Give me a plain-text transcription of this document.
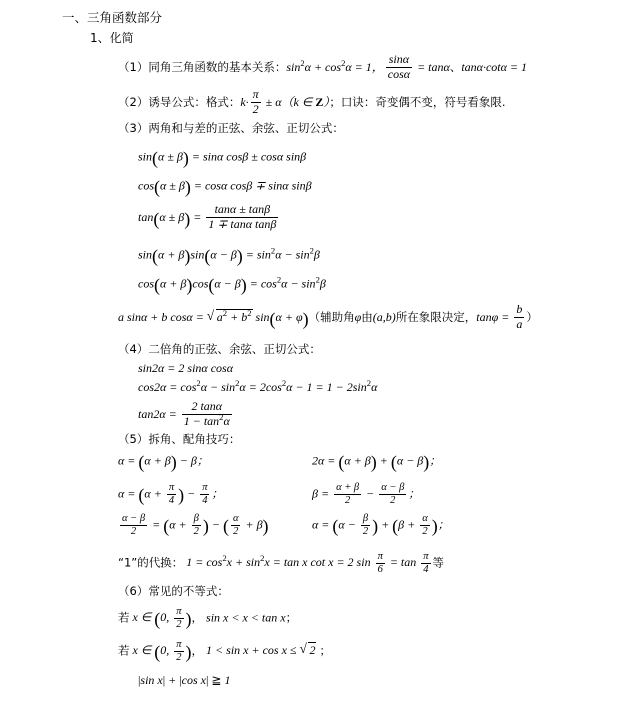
一、三角函数部分
1、化简
（1）同角三角函数的基本关系：$\sin^2\alpha + \cos^2\alpha = 1$， $\frac{\sin\alpha}{\cos\alpha} = \tan\alpha$、tanα·cotα = 1
（2）诱导公式：格式：$k\cdot \frac{\pi}{2} \pm \alpha(k$ ∈ Z）；口诀：奇变偶不变，符号看象限.
（3）两角和与差的正弦、余弦、正切公式：
sin(α ± β) = sinα cosβ ± cosα sinβ
cos(α ± β) = cosα cosβ ∓ sinα sinβ
$\tan(\alpha \pm \beta) = \frac{\tan\alpha \pm \tan\beta}{\text{1 ∓ tanα tanβ}}$
$\sin(\alpha + \beta)\sin(\alpha - \beta) = \sin^2\alpha - \sin^2\beta$
$\cos(\alpha + \beta)\cos(\alpha - \beta) = \cos^2\alpha - \sin^2\beta$
a sinα + b cosα = √ $a^2 + b^2$ sin(α + φ)（辅助角φ由(a,b)所在象限决定，$\tan\varphi = \frac{b}{a}$ ）
（4）二倍角的正弦、余弦、正切公式：
sin2α = 2 sinα cosα
$\cos 2\alpha = \cos^2\alpha - \sin^2\alpha = 2\cos^2\alpha - 1 = 1 - 2\sin^2\alpha$
$\tan 2\alpha = \frac{2 \tan\alpha}{1 - \tan^2\alpha}$
（5）拆角、配角技巧：
α = (α + β) − β；	2α = (α + β) + (α − β)；
$\alpha = (\alpha + \frac{\pi}{4}$ ) − $\frac{\pi}{4}$ ；	$\beta = \frac{\alpha + \beta}{2} - \frac{\alpha - \beta}{2}$ ；
$\frac{\alpha - \beta}{2} = (\alpha + \frac{\beta}{2}$ ) − ( $\frac{\alpha}{2} + \beta$)	$\alpha = (\alpha - \frac{\beta}{2}$ ) + ($\beta + \frac{\alpha}{2}$ )；
“1”的代换： $1 = \cos^2x + \sin^2x = \tan x$ cot x = 2 $\sin \frac{\pi}{6} = \tan \frac{\pi}{4}$ 等
（6）常见的不等式：
若 x ∈ (0, $\frac{\pi}{2}$ )， sin x < x < tan x；
若 x ∈ (0, $\frac{\pi}{2}$ )， 1 < sin x + cos x ≤ √ 2 ；
|sin x| + |cos x| ≧ 1
